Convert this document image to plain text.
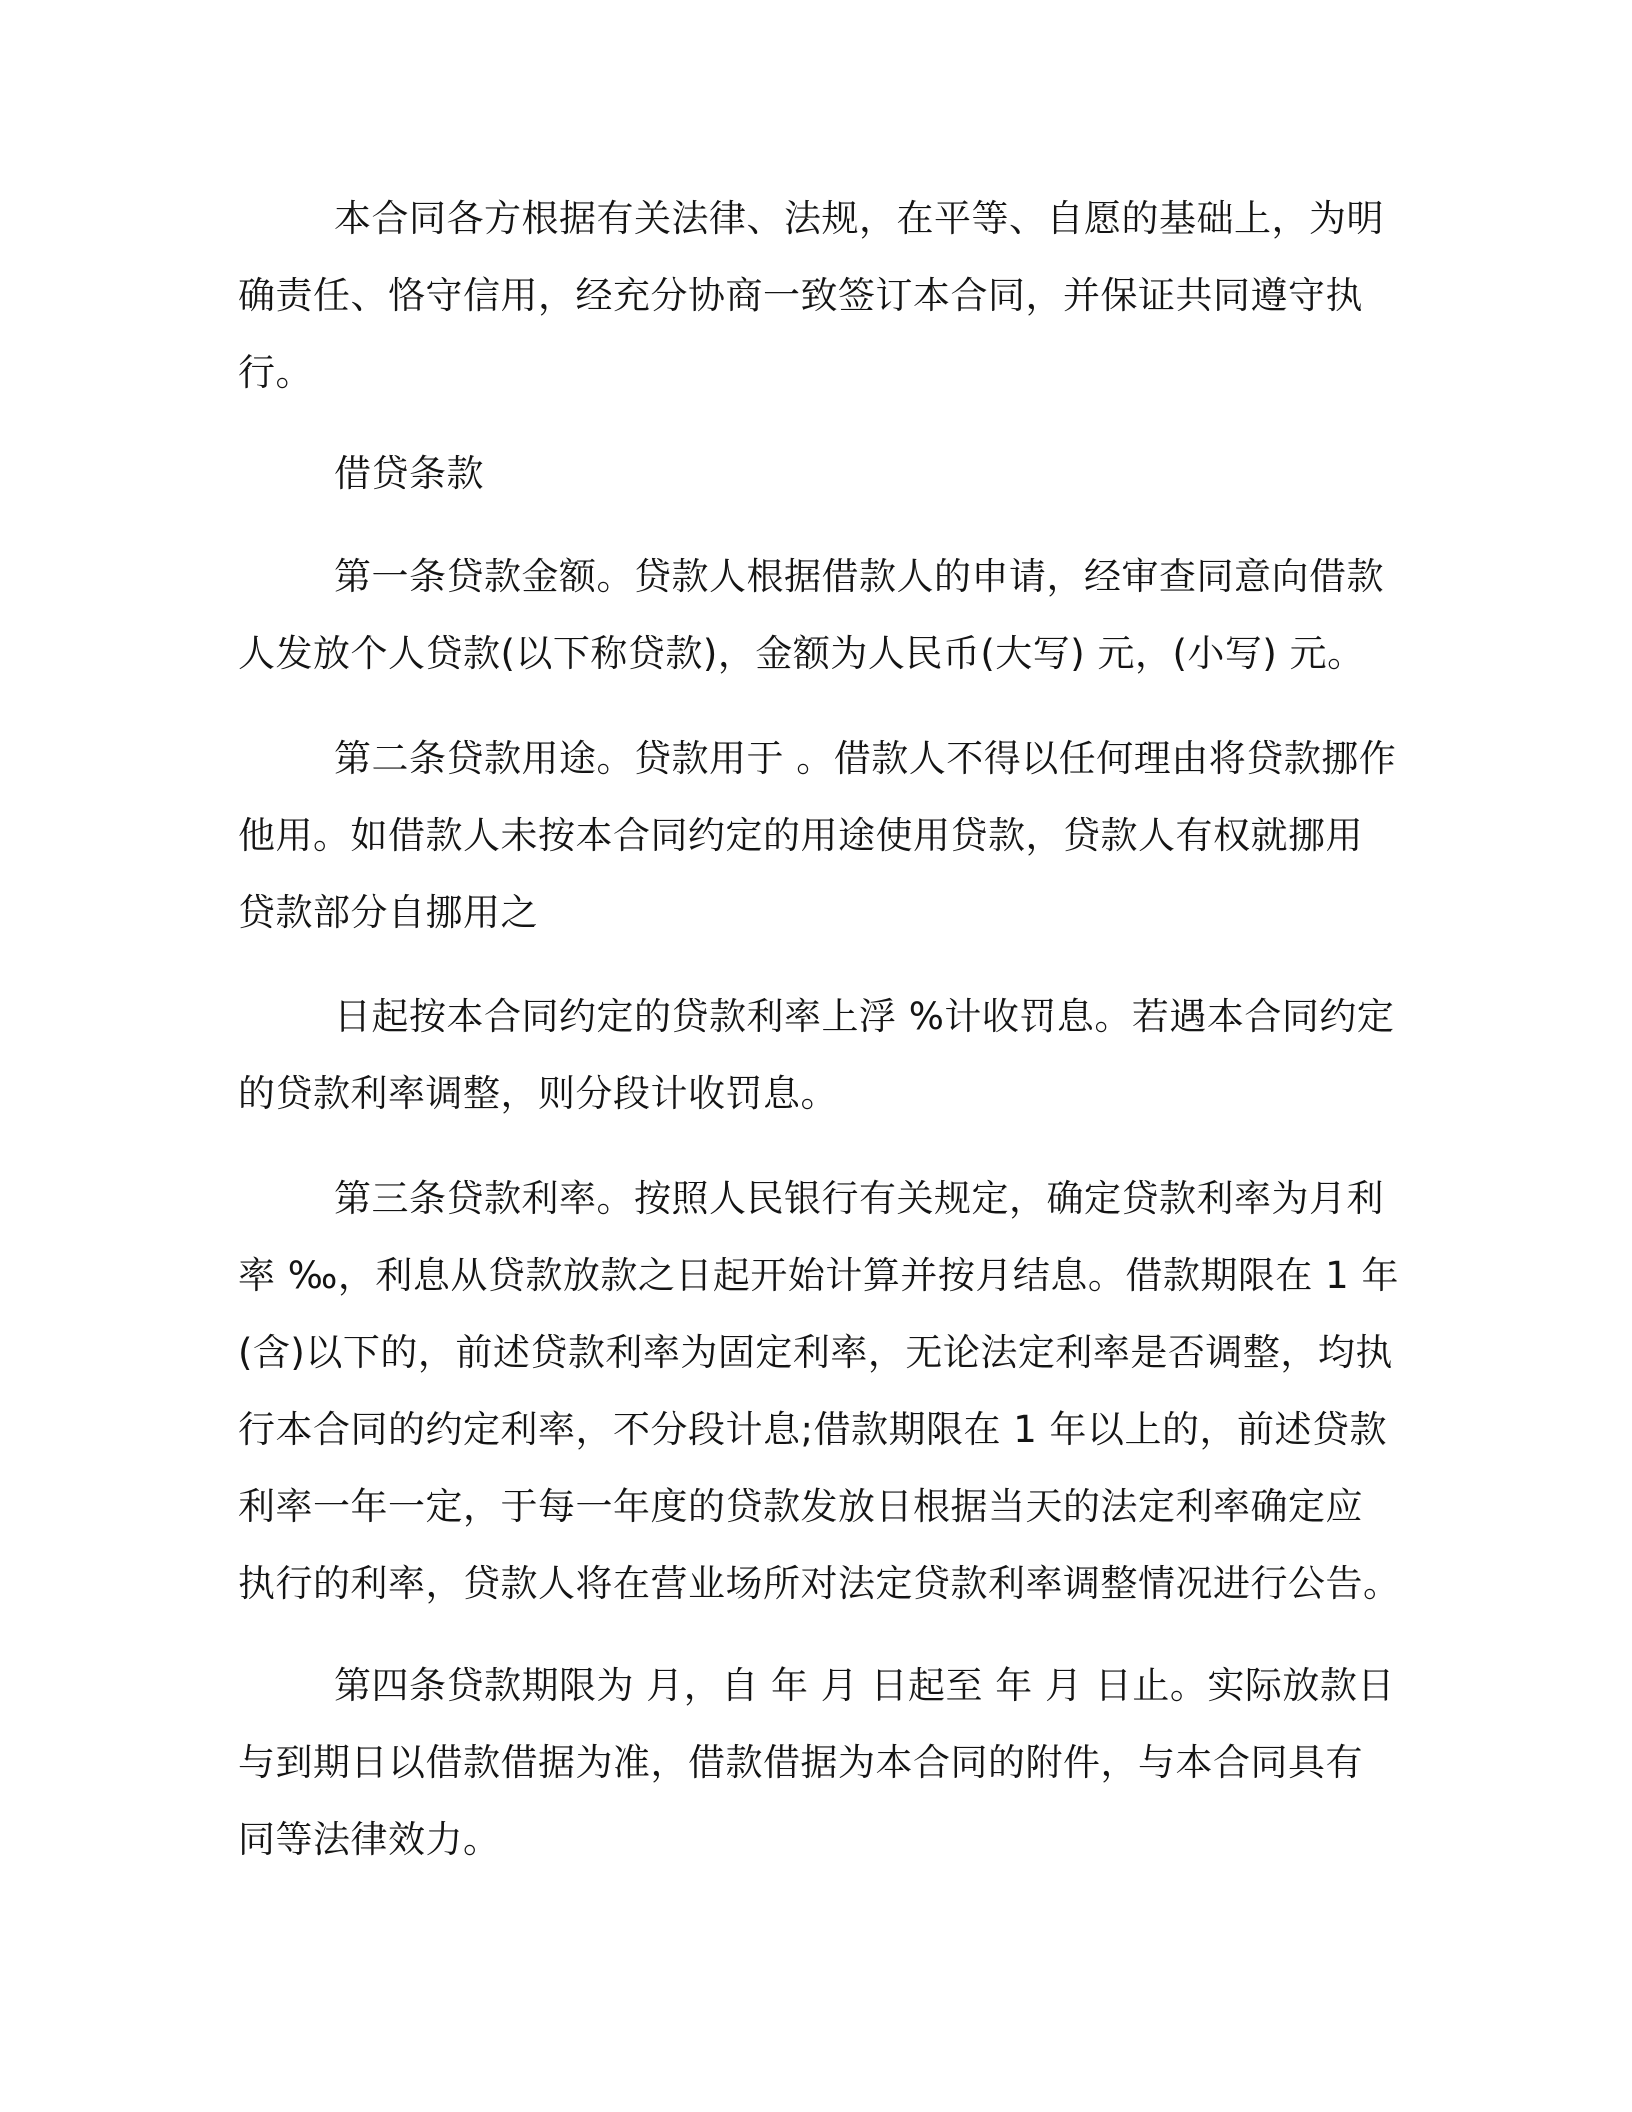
本合同各方根据有关法律、法规，在平等、自愿的基础上，为明
确责任、恪守信用，经充分协商一致签订本合同，并保证共同遵守执
行。
借贷条款
第一条贷款金额。贷款人根据借款人的申请，经审查同意向借款
人发放个人贷款(以下称贷款)，金额为人民币(大写) 元，(小写) 元。
第二条贷款用途。贷款用于 。借款人不得以任何理由将贷款挪作
他用。如借款人未按本合同约定的用途使用贷款，贷款人有权就挪用
贷款部分自挪用之
日起按本合同约定的贷款利率上浮 %计收罚息。若遇本合同约定
的贷款利率调整，则分段计收罚息。
第三条贷款利率。按照人民银行有关规定，确定贷款利率为月利
率 ‰，利息从贷款放款之日起开始计算并按月结息。借款期限在 1 年
(含)以下的，前述贷款利率为固定利率，无论法定利率是否调整，均执
行本合同的约定利率，不分段计息;借款期限在 1 年以上的，前述贷款
利率一年一定，于每一年度的贷款发放日根据当天的法定利率确定应
执行的利率，贷款人将在营业场所对法定贷款利率调整情况进行公告。
第四条贷款期限为 月，自 年 月 日起至 年 月 日止。实际放款日
与到期日以借款借据为准，借款借据为本合同的附件，与本合同具有
同等法律效力。
